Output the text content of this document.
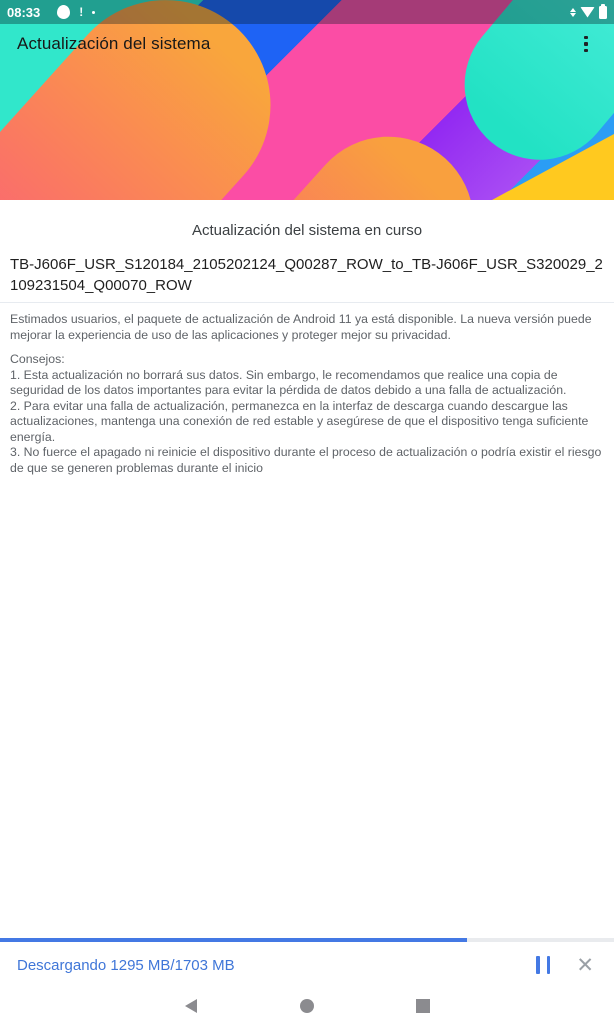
08:33	!
Actualización del sistema
Actualización del sistema en curso
TB-J606F_USR_S120184_2105202124_Q00287_ROW_to_TB-J606F_USR_S320029_2109231504_Q00070_ROW

Estimados usuarios, el paquete de actualización de Android 11 ya está disponible. La nueva versión puede mejorar la experiencia de uso de las aplicaciones y proteger mejor su privacidad.

Consejos:

1. Esta actualización no borrará sus datos. Sin embargo, le recomendamos que realice una copia de seguridad de los datos importantes para evitar la pérdida de datos debido a una falla de actualización.

2. Para evitar una falla de actualización, permanezca en la interfaz de descarga cuando descargue las actualizaciones, mantenga una conexión de red estable y asegúrese de que el dispositivo tenga suficiente energía.

3. No fuerce el apagado ni reinicie el dispositivo durante el proceso de actualización o podría existir el riesgo de que se generen problemas durante el inicio

Descargando 1295 MB/1703 MB	✕
